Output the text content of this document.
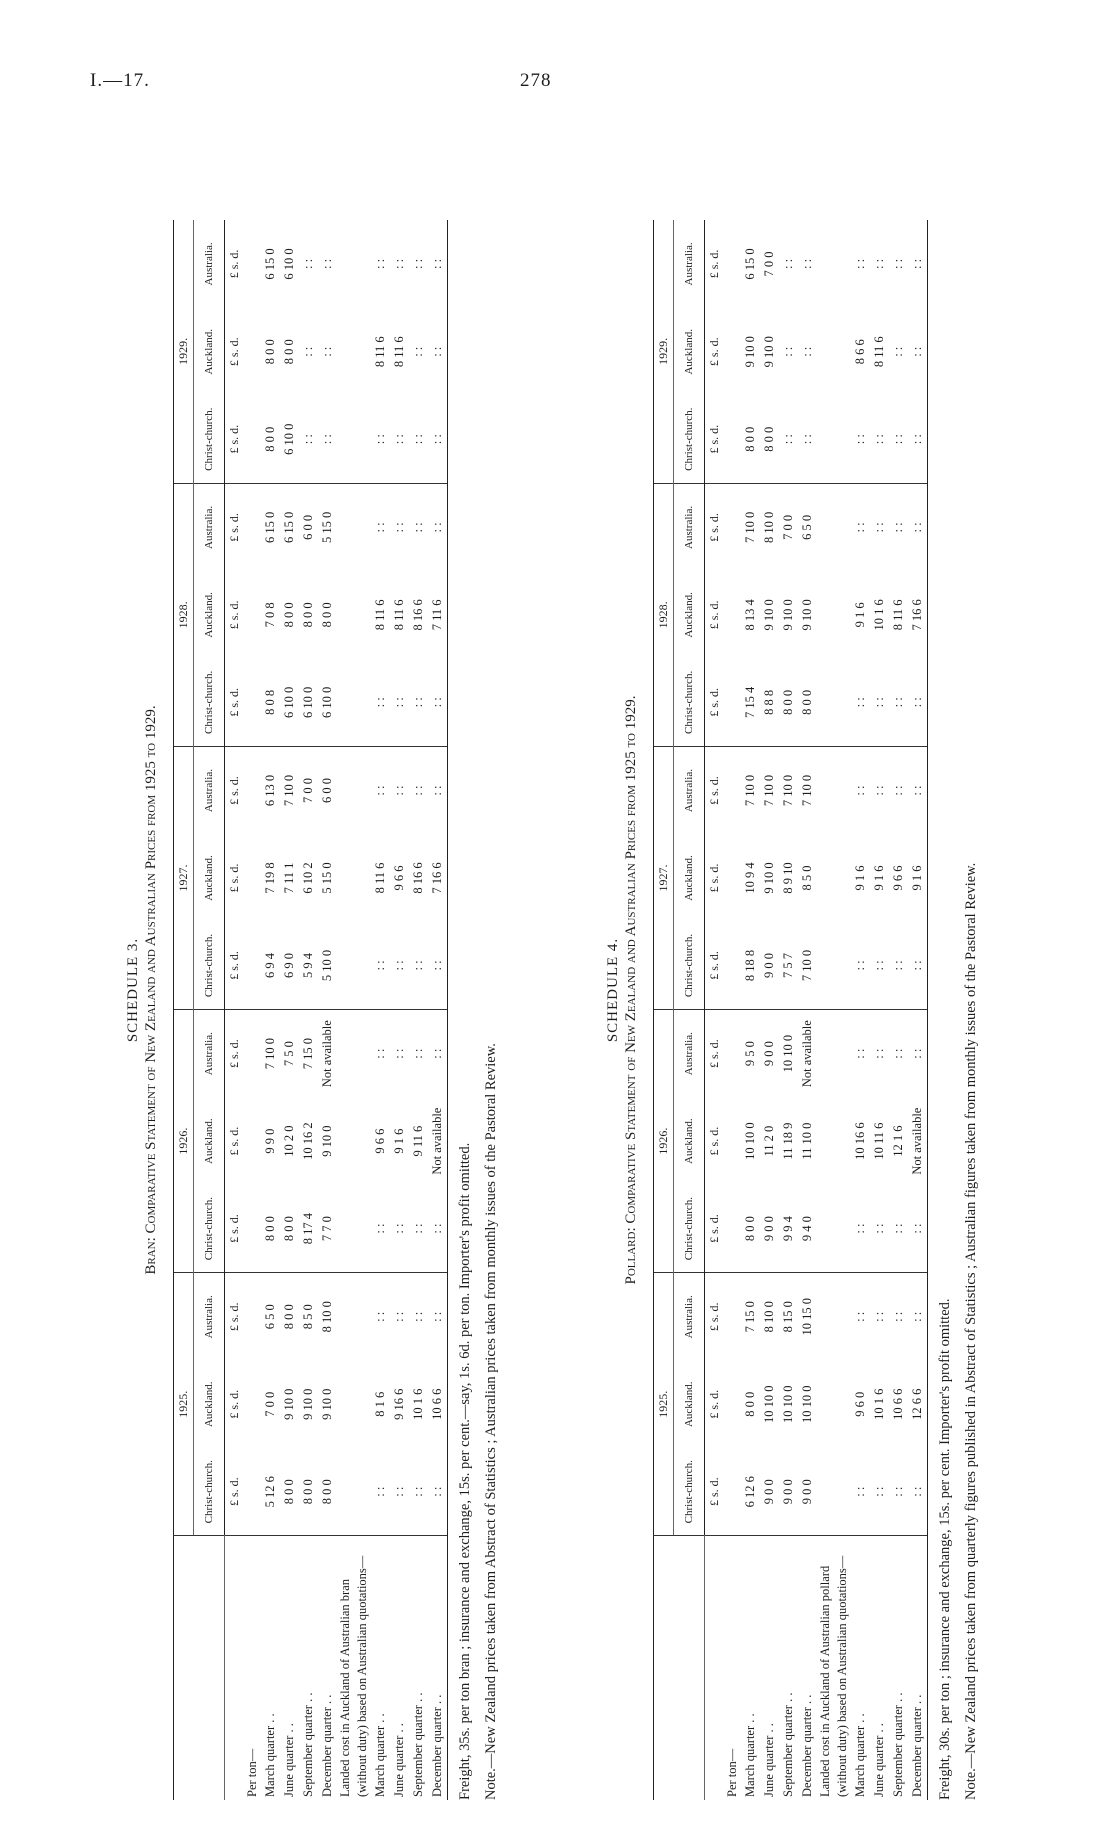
I.—17.	278
SCHEDULE 3. Bran: Comparative Statement of New Zealand and Australian Prices from 1925 to 1929.
	1925.			1926.			1927.			1928.			1929.		
	Christ-church.	Auckland.	Australia.	Christ-church.	Auckland.	Australia.	Christ-church.	Auckland.	Australia.	Christ-church.	Auckland.	Australia.	Christ-church.	Auckland.	Australia.
	£ s. d.	£ s. d.	£ s. d.	£ s. d.	£ s. d.	£ s. d.	£ s. d.	£ s. d.	£ s. d.	£ s. d.	£ s. d.	£ s. d.	£ s. d.	£ s. d.	£ s. d.
Per ton—															
March quarter . .	5 12 6	7 0 0	6 5 0	8 0 0	9 9 0	7 10 0	6 9 4	7 19 8	6 13 0	8 0 8	7 0 8	6 15 0	8 0 0	8 0 0	6 15 0
June quarter . .	8 0 0	9 10 0	8 0 0	8 0 0	10 2 0	7 5 0	6 9 0	7 11 1	7 10 0	6 10 0	8 0 0	6 15 0	6 10 0	8 0 0	6 10 0
September quarter . .	8 0 0	9 10 0	8 5 0	8 17 4	10 16 2	7 15 0	5 9 4	6 10 2	7 0 0	6 10 0	8 0 0	6 0 0	: :	: :	: :
December quarter . .	8 0 0	9 10 0	8 10 0	7 7 0	9 10 0	Not available	5 10 0	5 15 0	6 0 0	6 10 0	8 0 0	5 15 0	: :	: :	: :
Landed cost in Auckland of Australian bran (without duty) based on Australian quotations—															
March quarter . .	: :	8 1 6	: :	: :	9 6 6	: :	: :	8 11 6	: :	: :	8 11 6	: :	: :	8 11 6	: :
June quarter . .	: :	9 16 6	: :	: :	9 1 6	: :	: :	9 6 6	: :	: :	8 11 6	: :	: :	8 11 6	: :
September quarter . .	: :	10 1 6	: :	: :	9 11 6	: :	: :	8 16 6	: :	: :	8 16 6	: :	: :	: :	: :
December quarter . .	: :	10 6 6	: :	: :	Not available	: :	: :	7 16 6	: :	: :	7 11 6	: :	: :	: :	: :
Freight, 35s. per ton bran ; insurance and exchange, 15s. per cent.—say, 1s. 6d. per ton. Importer's profit omitted. Note.—New Zealand prices taken from Abstract of Statistics ; Australian prices taken from monthly issues of the Pastoral Review.
SCHEDULE 4. Pollard: Comparative Statement of New Zealand and Australian Prices from 1925 to 1929.
	1925.			1926.			1927.			1928.			1929.		
	Christ-church.	Auckland.	Australia.	Christ-church.	Auckland.	Australia.	Christ-church.	Auckland.	Australia.	Christ-church.	Auckland.	Australia.	Christ-church.	Auckland.	Australia.
	£ s. d.	£ s. d.	£ s. d.	£ s. d.	£ s. d.	£ s. d.	£ s. d.	£ s. d.	£ s. d.	£ s. d.	£ s. d.	£ s. d.	£ s. d.	£ s. d.	£ s. d.
Per ton—															
March quarter . .	6 12 6	8 0 0	7 15 0	8 0 0	10 10 0	9 5 0	8 18 8	10 9 4	7 10 0	7 15 4	8 13 4	7 10 0	8 0 0	9 10 0	6 15 0
June quarter . .	9 0 0	10 10 0	8 10 0	9 0 0	11 2 0	9 0 0	9 0 0	9 10 0	7 10 0	8 8 8	9 10 0	8 10 0	8 0 0	9 10 0	7 0 0
September quarter . .	9 0 0	10 10 0	8 15 0	9 9 4	11 18 9	10 10 0	7 5 7	8 9 10	7 10 0	8 0 0	9 10 0	7 0 0	: :	: :	: :
December quarter . .	9 0 0	10 10 0	10 15 0	9 4 0	11 10 0	Not available	7 10 0	8 5 0	7 10 0	8 0 0	9 10 0	6 5 0	: :	: :	: :
Landed cost in Auckland of Australian pollard (without duty) based on Australian quotations—															
March quarter . .	: :	9 6 0	: :	: :	10 16 6	: :	: :	9 1 6	: :	: :	9 1 6	: :	: :	8 6 6	: :
June quarter . .	: :	10 1 6	: :	: :	10 11 6	: :	: :	9 1 6	: :	: :	10 1 6	: :	: :	8 11 6	: :
September quarter . .	: :	10 6 6	: :	: :	12 1 6	: :	: :	9 6 6	: :	: :	8 11 6	: :	: :	: :	: :
December quarter . .	: :	12 6 6	: :	: :	Not available	: :	: :	9 1 6	: :	: :	7 16 6	: :	: :	: :	: :
Freight, 30s. per ton ; insurance and exchange, 15s. per cent. Importer's profit omitted. Note.—New Zealand prices taken from quarterly figures published in Abstract of Statistics ; Australian figures taken from monthly issues of the Pastoral Review.
